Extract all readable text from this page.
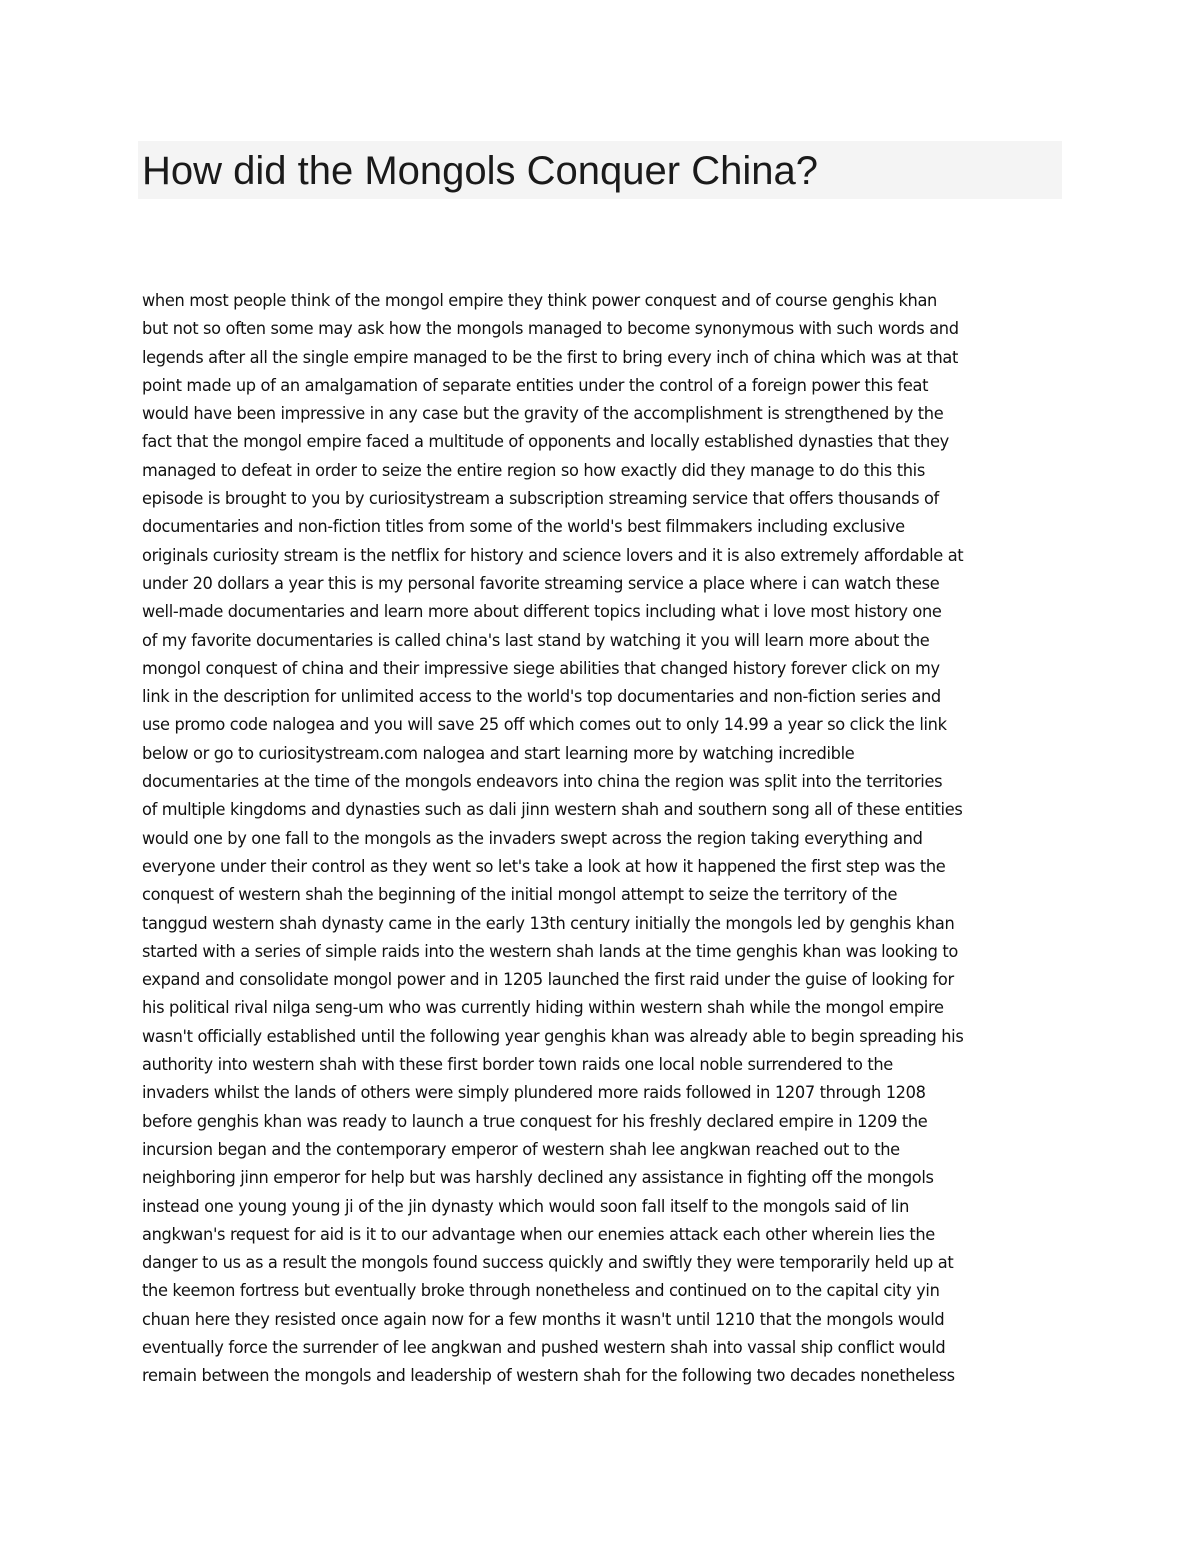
How did the Mongols Conquer China?
when most people think of the mongol empire they think power conquest and of course genghis khan
but not so often some may ask how the mongols managed to become synonymous with such words and
legends after all the single empire managed to be the first to bring every inch of china which was at that
point made up of an amalgamation of separate entities under the control of a foreign power this feat
would have been impressive in any case but the gravity of the accomplishment is strengthened by the
fact that the mongol empire faced a multitude of opponents and locally established dynasties that they
managed to defeat in order to seize the entire region so how exactly did they manage to do this this
episode is brought to you by curiositystream a subscription streaming service that offers thousands of
documentaries and non-fiction titles from some of the world's best filmmakers including exclusive
originals curiosity stream is the netflix for history and science lovers and it is also extremely affordable at
under 20 dollars a year this is my personal favorite streaming service a place where i can watch these
well-made documentaries and learn more about different topics including what i love most history one
of my favorite documentaries is called china's last stand by watching it you will learn more about the
mongol conquest of china and their impressive siege abilities that changed history forever click on my
link in the description for unlimited access to the world's top documentaries and non-fiction series and
use promo code nalogea and you will save 25 off which comes out to only 14.99 a year so click the link
below or go to curiositystream.com nalogea and start learning more by watching incredible
documentaries at the time of the mongols endeavors into china the region was split into the territories
of multiple kingdoms and dynasties such as dali jinn western shah and southern song all of these entities
would one by one fall to the mongols as the invaders swept across the region taking everything and
everyone under their control as they went so let's take a look at how it happened the first step was the
conquest of western shah the beginning of the initial mongol attempt to seize the territory of the
tanggud western shah dynasty came in the early 13th century initially the mongols led by genghis khan
started with a series of simple raids into the western shah lands at the time genghis khan was looking to
expand and consolidate mongol power and in 1205 launched the first raid under the guise of looking for
his political rival nilga seng-um who was currently hiding within western shah while the mongol empire
wasn't officially established until the following year genghis khan was already able to begin spreading his
authority into western shah with these first border town raids one local noble surrendered to the
invaders whilst the lands of others were simply plundered more raids followed in 1207 through 1208
before genghis khan was ready to launch a true conquest for his freshly declared empire in 1209 the
incursion began and the contemporary emperor of western shah lee angkwan reached out to the
neighboring jinn emperor for help but was harshly declined any assistance in fighting off the mongols
instead one young young ji of the jin dynasty which would soon fall itself to the mongols said of lin
angkwan's request for aid is it to our advantage when our enemies attack each other wherein lies the
danger to us as a result the mongols found success quickly and swiftly they were temporarily held up at
the keemon fortress but eventually broke through nonetheless and continued on to the capital city yin
chuan here they resisted once again now for a few months it wasn't until 1210 that the mongols would
eventually force the surrender of lee angkwan and pushed western shah into vassal ship conflict would
remain between the mongols and leadership of western shah for the following two decades nonetheless
